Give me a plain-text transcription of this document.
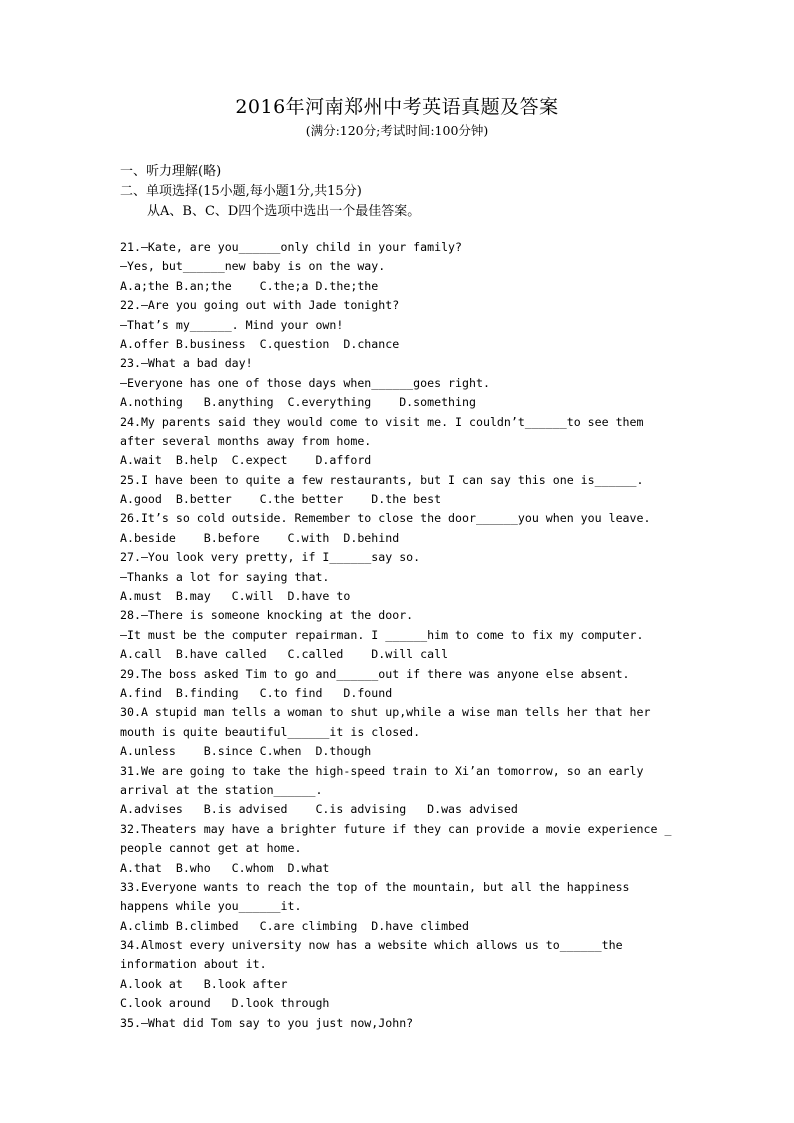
2016年河南郑州中考英语真题及答案
(满分:120分;考试时间:100分钟)
一、听力理解(略)
二、单项选择(15小题,每小题1分,共15分)
从A、B、C、D四个选项中选出一个最佳答案。
21.—Kate, are you______only child in your family?
—Yes, but______new baby is on the way.
A.a;the B.an;the    C.the;a D.the;the
22.—Are you going out with Jade tonight?
—That’s my______. Mind your own!
A.offer B.business  C.question  D.chance
23.—What a bad day!
—Everyone has one of those days when______goes right.
A.nothing   B.anything  C.everything    D.something
24.My parents said they would come to visit me. I couldn’t______to see them
after several months away from home.
A.wait  B.help  C.expect    D.afford
25.I have been to quite a few restaurants, but I can say this one is______.
A.good  B.better    C.the better    D.the best
26.It’s so cold outside. Remember to close the door______you when you leave.
A.beside    B.before    C.with  D.behind
27.—You look very pretty, if I______say so.
—Thanks a lot for saying that.
A.must  B.may   C.will  D.have to
28.—There is someone knocking at the door.
—It must be the computer repairman. I ______him to come to fix my computer.
A.call  B.have called   C.called    D.will call
29.The boss asked Tim to go and______out if there was anyone else absent.
A.find  B.finding   C.to find   D.found
30.A stupid man tells a woman to shut up,while a wise man tells her that her
mouth is quite beautiful______it is closed.
A.unless    B.since C.when  D.though
31.We are going to take the high-speed train to Xi’an tomorrow, so an early
arrival at the station______.
A.advises   B.is advised    C.is advising   D.was advised
32.Theaters may have a brighter future if they can provide a movie experience _
people cannot get at home.
A.that  B.who   C.whom  D.what
33.Everyone wants to reach the top of the mountain, but all the happiness
happens while you______it.
A.climb B.climbed   C.are climbing  D.have climbed
34.Almost every university now has a website which allows us to______the
information about it.
A.look at   B.look after
C.look around   D.look through
35.—What did Tom say to you just now,John?
